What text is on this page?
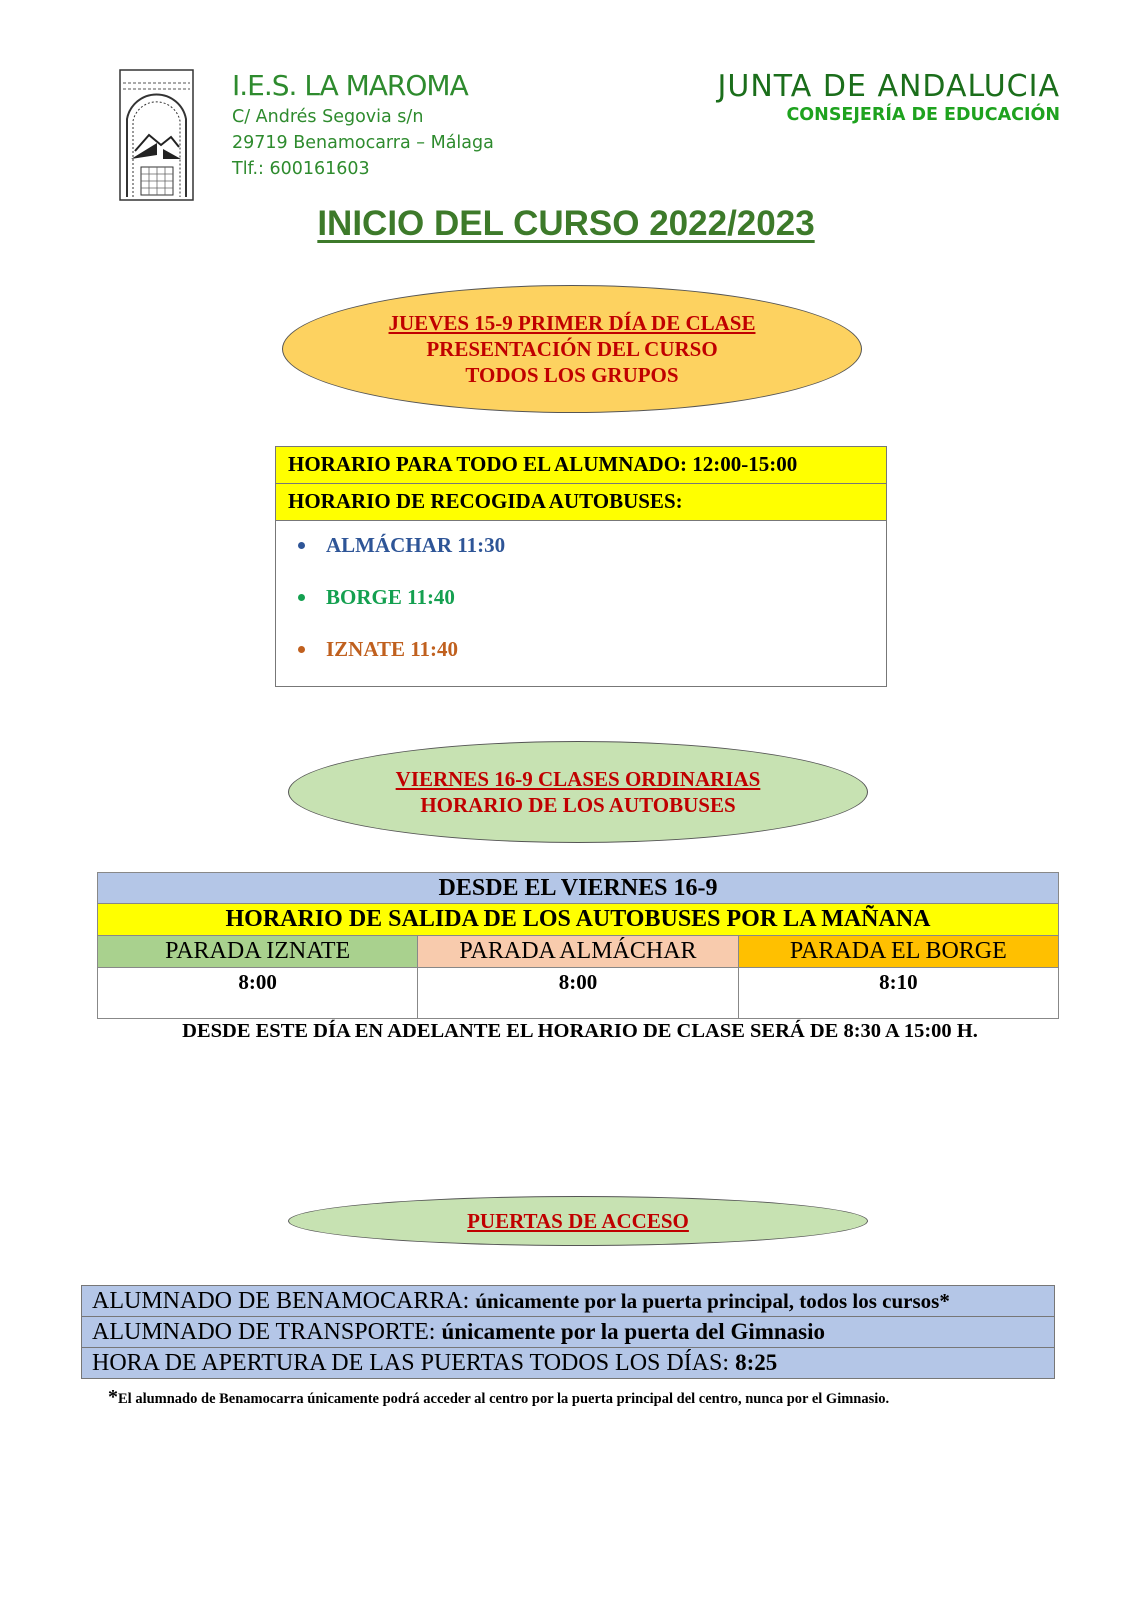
I.E.S. LA MAROMA
C/ Andrés Segovia s/n
29719 Benamocarra – Málaga
Tlf.: 600161603
JUNTA DE ANDALUCIA
CONSEJERÍA DE EDUCACIÓN
INICIO DEL CURSO 2022/2023
JUEVES 15-9 PRIMER DÍA DE CLASE
PRESENTACIÓN DEL CURSO
TODOS LOS GRUPOS
HORARIO PARA TODO EL ALUMNADO: 12:00-15:00
HORARIO DE RECOGIDA AUTOBUSES:
ALMÁCHAR 11:30
BORGE 11:40
IZNATE 11:40
VIERNES 16-9 CLASES ORDINARIAS
HORARIO DE LOS AUTOBUSES
DESDE EL VIERNES 16-9		
HORARIO DE SALIDA DE LOS AUTOBUSES POR LA MAÑANA		
PARADA IZNATE	PARADA ALMÁCHAR	PARADA EL BORGE
8:00	8:00	8:10
DESDE ESTE DÍA EN ADELANTE EL HORARIO DE CLASE SERÁ DE 8:30 A 15:00 H.
PUERTAS DE ACCESO
ALUMNADO DE BENAMOCARRA: únicamente por la puerta principal, todos los cursos*
ALUMNADO DE TRANSPORTE: únicamente por la puerta del Gimnasio
HORA DE APERTURA DE LAS PUERTAS TODOS LOS DÍAS: 8:25
*El alumnado de Benamocarra únicamente podrá acceder al centro por la puerta principal del centro, nunca por el Gimnasio.
